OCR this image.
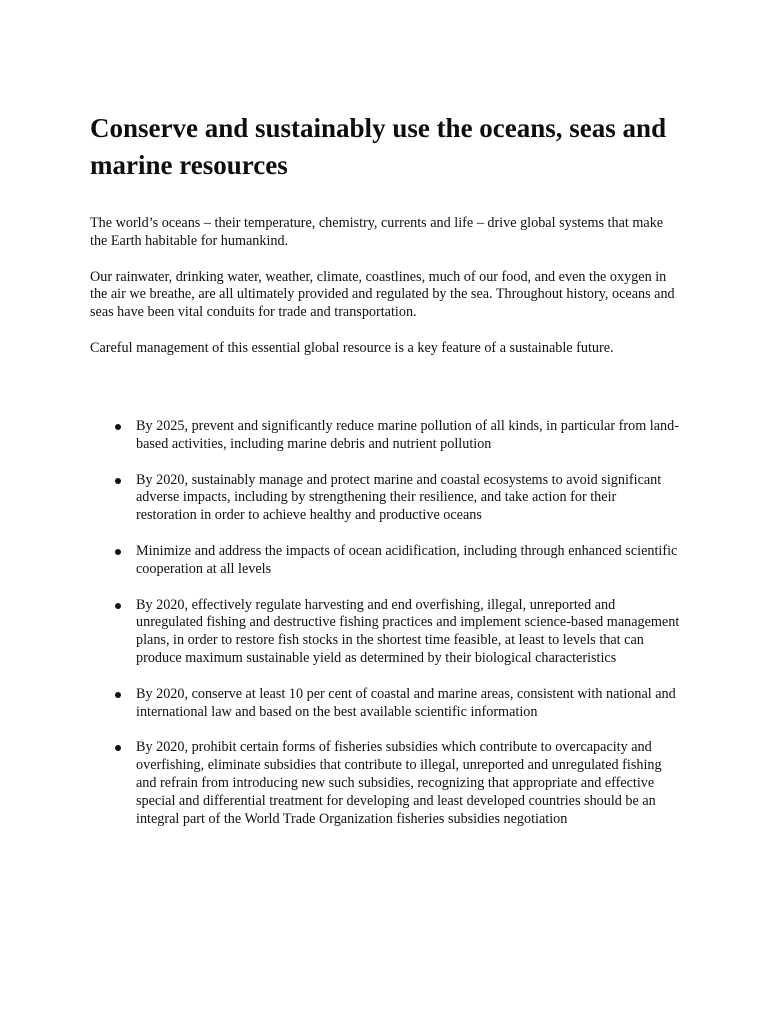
Conserve and sustainably use the oceans, seas and marine resources

The world’s oceans – their temperature, chemistry, currents and life – drive global systems that make the Earth habitable for humankind.

Our rainwater, drinking water, weather, climate, coastlines, much of our food, and even the oxygen in the air we breathe, are all ultimately provided and regulated by the sea. Throughout history, oceans and seas have been vital conduits for trade and transportation.

Careful management of this essential global resource is a key feature of a sustainable future.

By 2025, prevent and significantly reduce marine pollution of all kinds, in particular from land-based activities, including marine debris and nutrient pollution
By 2020, sustainably manage and protect marine and coastal ecosystems to avoid significant adverse impacts, including by strengthening their resilience, and take action for their restoration in order to achieve healthy and productive oceans
Minimize and address the impacts of ocean acidification, including through enhanced scientific cooperation at all levels
By 2020, effectively regulate harvesting and end overfishing, illegal, unreported and unregulated fishing and destructive fishing practices and implement science-based management plans, in order to restore fish stocks in the shortest time feasible, at least to levels that can produce maximum sustainable yield as determined by their biological characteristics
By 2020, conserve at least 10 per cent of coastal and marine areas, consistent with national and international law and based on the best available scientific information
By 2020, prohibit certain forms of fisheries subsidies which contribute to overcapacity and overfishing, eliminate subsidies that contribute to illegal, unreported and unregulated fishing and refrain from introducing new such subsidies, recognizing that appropriate and effective special and differential treatment for developing and least developed countries should be an integral part of the World Trade Organization fisheries subsidies negotiation
